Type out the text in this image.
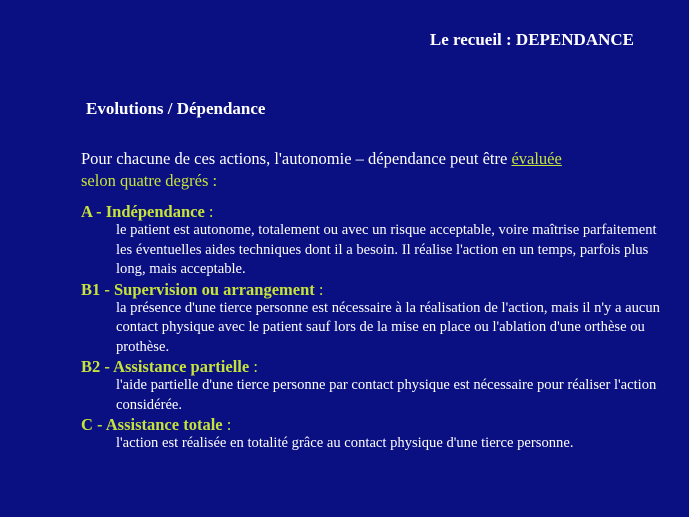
Le recueil : DEPENDANCE
Evolutions / Dépendance
Pour chacune de ces actions, l'autonomie – dépendance peut être évaluée
selon quatre degrés :
A - Indépendance :
le patient est autonome, totalement ou avec un risque acceptable, voire maîtrise parfaitement les éventuelles aides techniques dont il a besoin. Il réalise l'action en un temps, parfois plus long, mais acceptable.
B1 - Supervision ou arrangement :
la présence d'une tierce personne est nécessaire à la réalisation de l'action, mais il n'y a aucun contact physique avec le patient sauf lors de la mise en place ou l'ablation d'une orthèse ou prothèse.
B2 - Assistance partielle :
l'aide partielle d'une tierce personne par contact physique est nécessaire pour réaliser l'action considérée.
C - Assistance totale :
l'action est réalisée en totalité grâce au contact physique d'une tierce personne.
